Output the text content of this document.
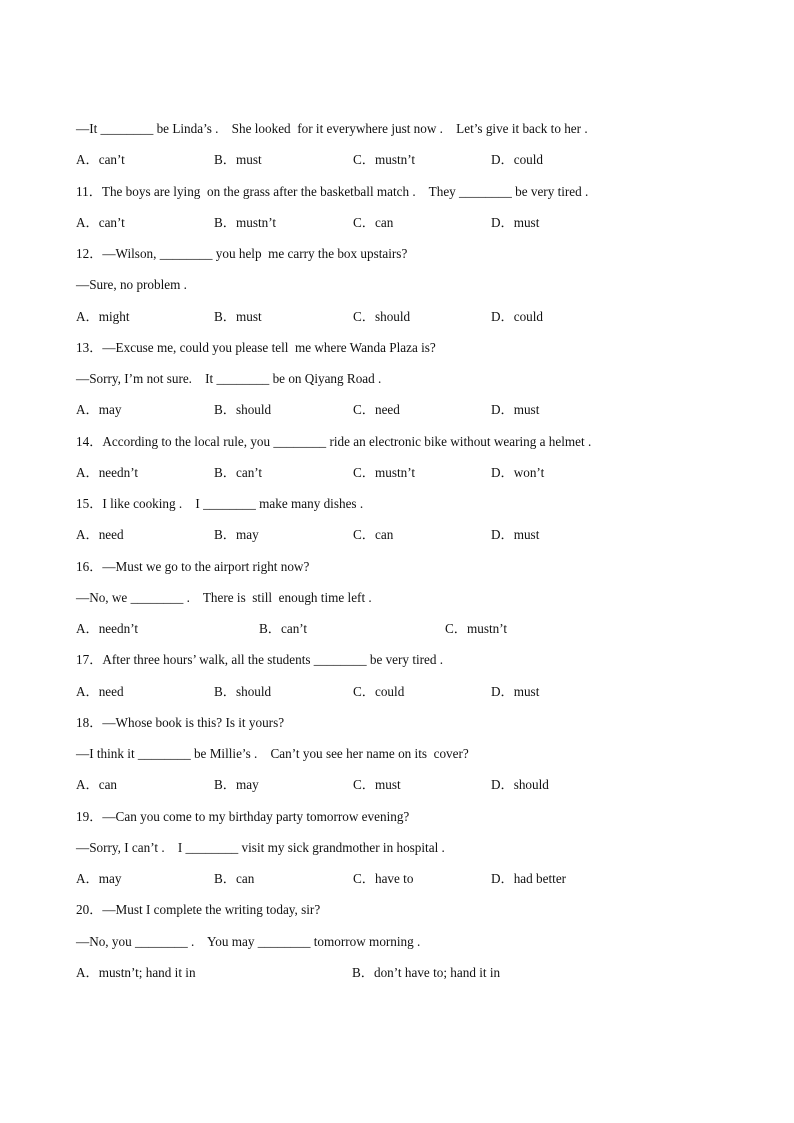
—It ________ be Linda’s .    She looked  for it everywhere just now .    Let’s give it back to her .
A．can’t	B．must	C．mustn’t	D．could
11．The boys are lying  on the grass after the basketball match .    They ________ be very tired .
A．can’t	B．mustn’t	C．can	D．must
12．—Wilson, ________ you help  me carry the box upstairs?
—Sure, no problem .
A．might	B．must	C．should	D．could
13．—Excuse me, could you please tell  me where Wanda Plaza is?
—Sorry, I’m not sure.    It ________ be on Qiyang Road .
A．may	B．should	C．need	D．must
14．According to the local rule, you ________ ride an electronic bike without wearing a helmet .
A．needn’t	B．can’t	C．mustn’t	D．won’t
15．I like cooking .    I ________ make many dishes .
A．need	B．may	C．can	D．must
16．—Must we go to the airport right now?
—No, we ________ .    There is  still  enough time left .
A．needn’t	B．can’t	C．mustn’t
17．After three hours’ walk, all the students ________ be very tired .
A．need	B．should	C．could	D．must
18．—Whose book is this? Is it yours?
—I think it ________ be Millie’s .    Can’t you see her name on its  cover?
A．can	B．may	C．must	D．should
19．—Can you come to my birthday party tomorrow evening?
—Sorry, I can’t .    I ________ visit my sick grandmother in hospital .
A．may	B．can	C．have to	D．had better
20．—Must I complete the writing today, sir?
—No, you ________ .    You may ________ tomorrow morning .
A．mustn’t; hand it in	B．don’t have to; hand it in
